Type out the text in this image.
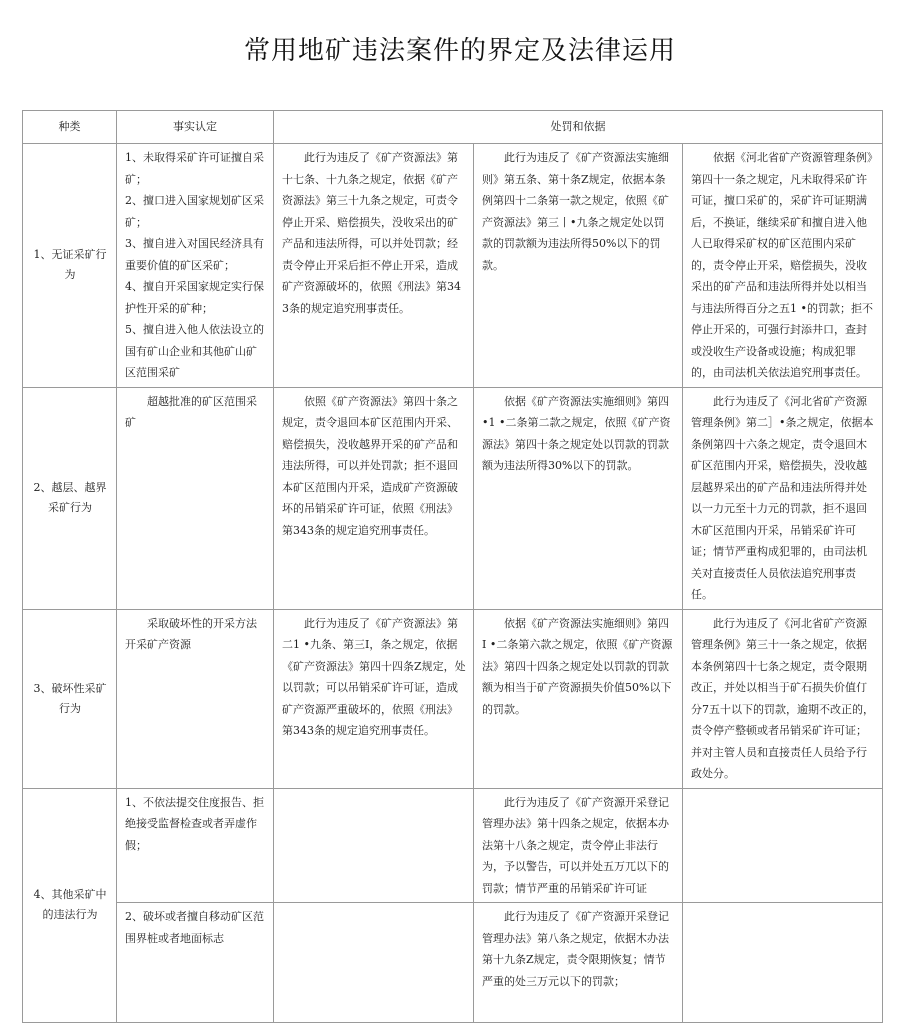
常用地矿违法案件的界定及法律运用
种类	事实认定	处罚和依据		
1、无证采矿行为	1、未取得采矿许可证擅自采矿；
2、擅口进入国家规划矿区采矿；
3、擅自进入对国民经济具有重要价值的矿区采矿；
4、擅自开采国家规定实行保护性开采的矿种；
5、擅自进入他人依法设立的国有矿山企业和其他矿山矿区范围采矿	此行为违反了《矿产资源法》第十七条、十九条之规定，依据《矿产资源法》第三十九条之规定，可责令停止开采、赔偿损失，没收采出的矿产品和违法所得，可以并处罚款；经责令停止开采后拒不停止开采，造成矿产资源破坏的，依照《刑法》第343条的规定追究刑事责任。	此行为违反了《矿产资源法实施细则》第五条、第十条Z规定，依据本条例第四十二条第一款之规定，依照《矿产资源法》第三丨•九条之规定处以罚款的罚款额为违法所得50%以下的罚款。	依据《河北省矿产资源管理条例》第四十一条之规定，凡未取得采矿许可证，擅口采矿的，采矿许可证期满后，不换证，继续采矿和擅自进入他人已取得采矿权的矿区范围内采矿的，责令停止开采，赔偿损失，没收采出的矿产品和违法所得并处以相当与违法所得百分之五1 •的罚款；拒不停止开采的，可强行封添井口，查封或没收生产设备或设施；构成犯罪的，由司法机关依法追究刑事责任。
2、越层、越界采矿行为	超越批准的矿区范围采矿	依照《矿产资源法》第四十条之规定，责令退回本矿区范围内开采、赔偿损失，没收越界开采的矿产品和违法所得，可以并处罚款；拒不退回本矿区范围内开采，造成矿产资源破坏的吊销采矿许可证，依照《刑法》第343条的规定追究刑事责任。	依据《矿产资源法实施细则》第四•1 •二条第二款之规定，依照《矿产资源法》第四十条之规定处以罚款的罚款额为违法所得30%以下的罚款。	此行为违反了《河北省矿产资源管理条例》第二］•条之规定，依据本条例第四十六条之规定，责令退回木矿区范围内开采，赔偿损失，没收越层越界采出的矿产品和违法所得并处以一力元至十力元的罚款，拒不退回木矿区范围内开采，吊销采矿许可证；情节严重构成犯罪的，由司法机关对直接责任人员依法追究刑事责任。
3、破坏性采矿行为	采取破坏性的开采方法开采矿产资源	此行为违反了《矿产资源法》第二1 •九条、第三I，条之规定，依据《矿产资源法》第四十四条Z规定，处以罚款；可以吊销采矿许可证，造成矿产资源严重破坏的，依照《刑法》第343条的规定追究刑事责任。	依据《矿产资源法实施细则》第四 I •二条第六款之规定，依照《矿产资源法》第四十四条之规定处以罚款的罚款额为相当于矿产资源损失价值50%以下的罚款。	此行为违反了《河北省矿产资源管理条例》第三十一条之规定，依据本条例第四十七条之规定，责令限期改正，并处以相当于矿石损失价值仃分7五十以下的罚款，逾期不改正的，责令停产整顿或者吊销采矿许可证；并对主管人员和直接责任人员给予行政处分。
4、其他采矿中的违法行为	1、不依法提交住度报告、拒绝接受监督检查或者弄虚作假；		此行为违反了《矿产资源开采登记管理办法》第十四条之规定，依据本办法第十八条之规定，责令停止非法行为，予以警告，可以并处五万兀以下的罚款；情节严重的吊销采矿许可证	
	2、破坏或者擅自移动矿区范围界桩或者地面标志		此行为违反了《矿产资源开采登记管理办法》第八条之规定，依据木办法第十九条Z规定，责令限期恢复；情节严重的处三万元以下的罚款；	
